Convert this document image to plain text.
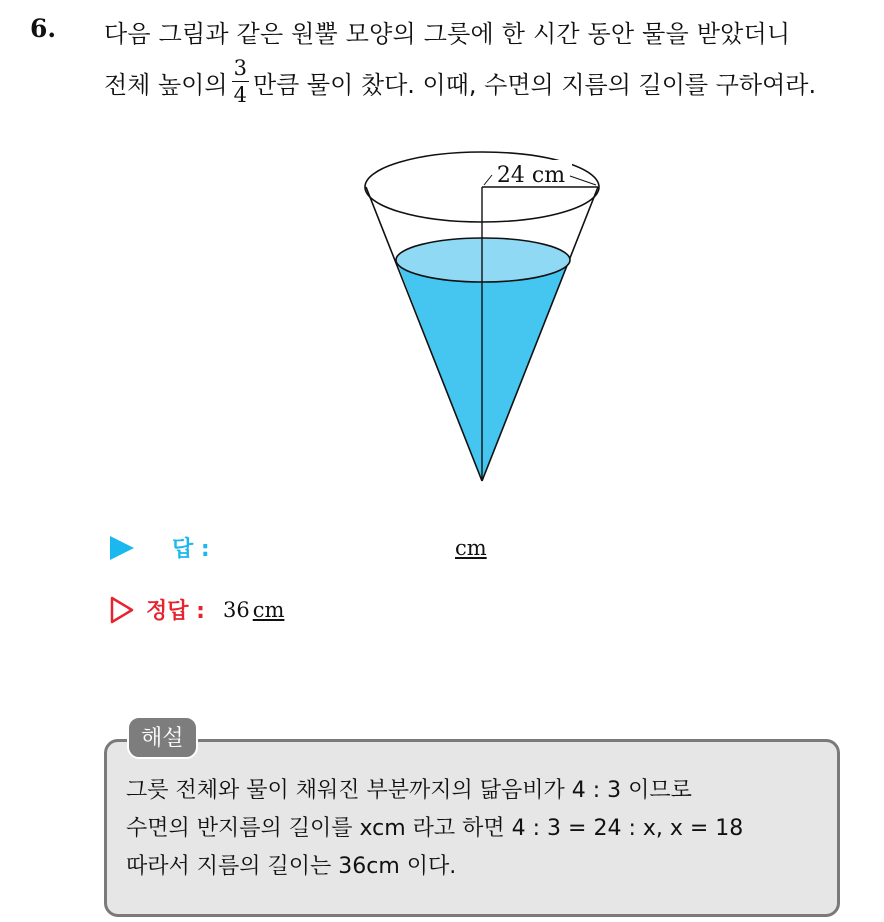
6. 다음 그림과 같은 원뿔 모양의 그릇에 한 시간 동안 물을 받았더니
전체 높이의 $\frac{3}{4}$ 만큼 물이 찼다. 이때, 수면의 지름의 길이를 구하여라.
24 cm
답 :	cm
정답 : 36 cm
해설
그릇 전체와 물이 채워진 부분까지의 닮음비가 4 : 3 이므로
수면의 반지름의 길이를 xcm 라고 하면 4 : 3 = 24 : x, x = 18
따라서 지름의 길이는 36cm 이다.
